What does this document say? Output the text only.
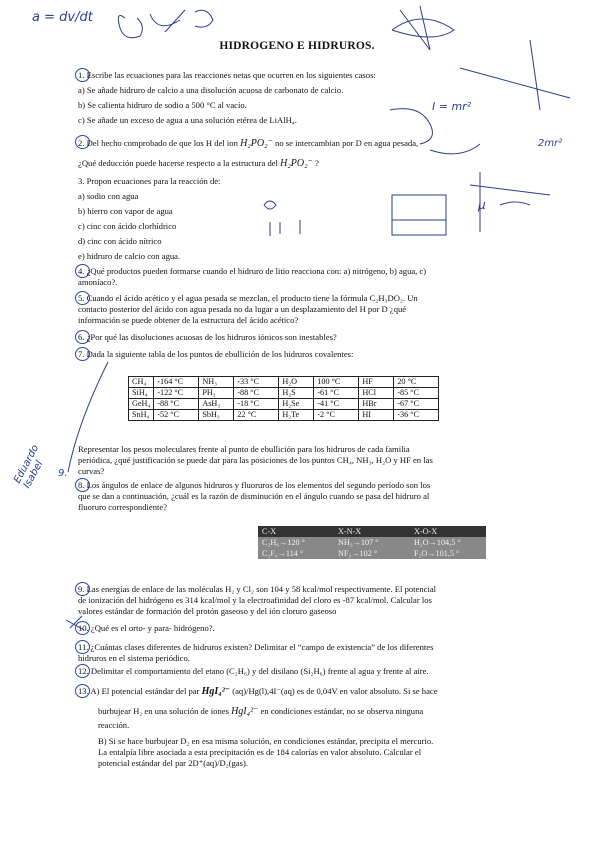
a = dv/dt
I = mr²
μ
2mr²
Eduardo Isabel	9.
HIDROGENO E HIDRUROS.
1. Escribe las ecuaciones para las reacciones netas que ocurren en los siguientes casos:
a) Se añade hidruro de calcio a una disolución acuosa de carbonato de calcio.
b) Se calienta hidruro de sodio a 500 °C al vacío.
c) Se añade un exceso de agua a una solución etérea de LiAlH₄.
2. Del hecho comprobado de que los H del ion H₂PO₂⁻ no se intercambian por D en agua pesada,
¿Qué deducción puede hacerse respecto a la estructura del H₂PO₂⁻ ?
3. Propon ecuaciones para la reacción de:
a) sodio con agua
b) hierro con vapor de agua
c) cinc con ácido clorhídrico
d) cinc con ácido nítrico
e) hidruro de calcio con agua.
4. ¿Qué productos pueden formarse cuando el hidruro de litio reacciona con: a) nitrógeno, b) agua, c)
amoníaco?.
5. Cuando el ácido acético y el agua pesada se mezclan, el producto tiene la fórmula C₂H₃DO₂. Un
contacto posterior del ácido con agua pesada no da lugar a un desplazamiento del H por D ¿qué
información se puede obtener de la estructura del ácido acético?
6. ¿Por qué las disoluciones acuosas de los hidruros iónicos son inestables?
7. Dada la siguiente tabla de los puntos de ebullición de los hidruros covalentes:
CH₄	-164 °C	NH₃	-33 °C	H₂O	100 °C	HF	20 °C
SiH₄	-122 °C	PH₃	-88 °C	H₂S	-61 °C	HCl	-85 °C
GeH₄	-88 °C	AsH₃	-18 °C	H₂Se	-41 °C	HBr	-67 °C
SnH₄	-52 °C	SbH₃	22 °C	H₂Te	-2 °C	HI	-36 °C
Representar los pesos moleculares frente al punto de ebullición para los hidruros de cada familia
periódica, ¿qué justificación se puede dar para las posiciones de los puntos CH₄, NH₃, H₂O y HF en las
curvas?
8. Los ángulos de enlace de algunos hidruros y fluoruros de los elementos del segundo período son los
que se dan a continuación, ¿cuál es la razón de disminución en el ángulo cuando se pasa del hidruro al
fluoruro correspondiente?
C-X	X-N-X	X-O-X
C₂H₆→120 °	NH₃→107 °	H₂O→104,5 °
C₂F₆→114 °	NF₃→102 °	F₂O→101,5 °
9. Las energías de enlace de las moléculas H₂ y Cl₂ son 104 y 58 kcal/mol respectivamente. El potencial
de ionización del hidrógeno es 314 kcal/mol y la electroafinidad del cloro es -87 kcal/mol. Calcular los
valores estándar de formación del protón gaseoso y del ión cloruro gaseoso
10. ¿Qué es el orto- y para- hidrógeno?.
11. ¿Cuántas clases diferentes de hidruros existen? Delimitar el “campo de existencia” de los diferentes
hidruros en el sistema periódico.
12. Delimitar el comportamiento del etano (C₂H₆) y del disilano (Si₂H₆) frente al agua y frente al aire.
13. A) El potencial estándar del par HgI₄²⁻ (aq)/Hg(l),4I⁻(aq) es de 0,04V en valor absoluto. Si se hace
burbujear H₂ en una solución de iones HgI₄²⁻ en condiciones estándar, no se observa ninguna
reacción.
B) Si se hace burbujear D₂ en esa misma solución, en condiciones estándar, precipita el mercurio.
La entalpía libre asociada a esta precipitación es de 184 calorías en valor absoluto. Calcular el
potencial estándar del par 2D⁺(aq)/D₂(gas).
